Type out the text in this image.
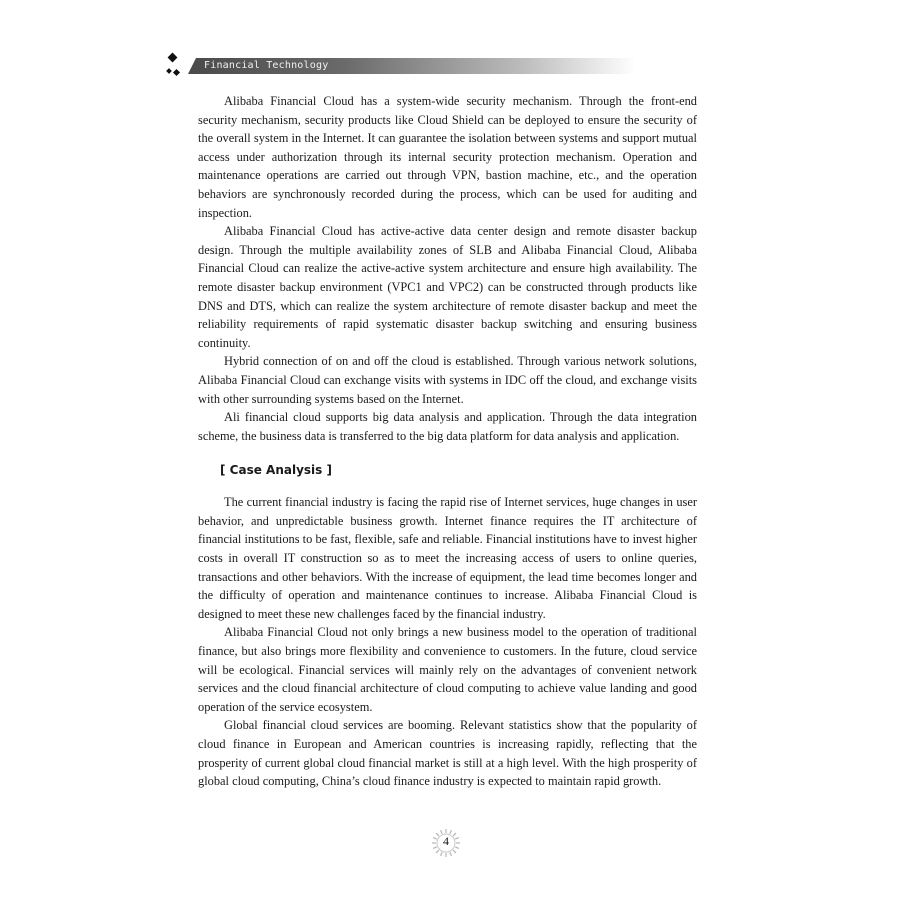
Financial Technology

Alibaba Financial Cloud has a system-wide security mechanism. Through the front-end security mechanism, security products like Cloud Shield can be deployed to ensure the security of the overall system in the Internet. It can guarantee the isolation between systems and support mutual access under authorization through its internal security protection mechanism. Operation and maintenance operations are carried out through VPN, bastion machine, etc., and the operation behaviors are synchronously recorded during the process, which can be used for auditing and inspection.

Alibaba Financial Cloud has active-active data center design and remote disaster backup design. Through the multiple availability zones of SLB and Alibaba Financial Cloud, Alibaba Financial Cloud can realize the active-active system architecture and ensure high availability. The remote disaster backup environment (VPC1 and VPC2) can be constructed through products like DNS and DTS, which can realize the system architecture of remote disaster backup and meet the reliability requirements of rapid systematic disaster backup switching and ensuring business continuity.

Hybrid connection of on and off the cloud is established. Through various network solutions, Alibaba Financial Cloud can exchange visits with systems in IDC off the cloud, and exchange visits with other surrounding systems based on the Internet.

Ali financial cloud supports big data analysis and application. Through the data integration scheme, the business data is transferred to the big data platform for data analysis and application.

[ Case Analysis ]

The current financial industry is facing the rapid rise of Internet services, huge changes in user behavior, and unpredictable business growth. Internet finance requires the IT architecture of financial institutions to be fast, flexible, safe and reliable. Financial institutions have to invest higher costs in overall IT construction so as to meet the increasing access of users to online queries, transactions and other behaviors. With the increase of equipment, the lead time becomes longer and the difficulty of operation and maintenance continues to increase. Alibaba Financial Cloud is designed to meet these new challenges faced by the financial industry.

Alibaba Financial Cloud not only brings a new business model to the operation of traditional finance, but also brings more flexibility and convenience to customers. In the future, cloud service will be ecological. Financial services will mainly rely on the advantages of convenient network services and the cloud financial architecture of cloud computing to achieve value landing and good operation of the service ecosystem.

Global financial cloud services are booming. Relevant statistics show that the popularity of cloud finance in European and American countries is increasing rapidly, reflecting that the prosperity of current global cloud financial market is still at a high level. With the high prosperity of global cloud computing, China’s cloud finance industry is expected to maintain rapid growth.

4
